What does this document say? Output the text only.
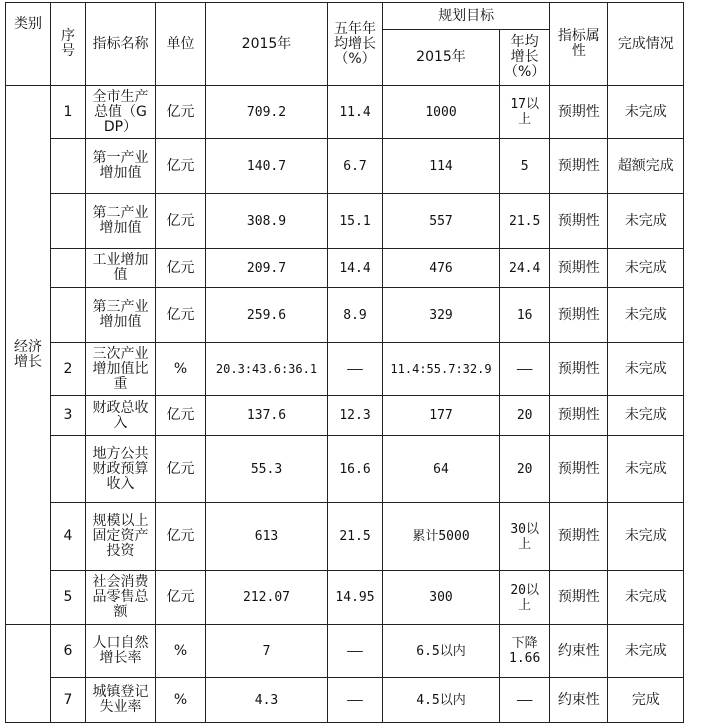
类别	序号	指标名称	单位	2015年	五年年均增长（%）	规划目标		指标属性	完成情况
						2015年	年均增长（%）		
经济增长	1	全市生产总值（GDP）	亿元	709.2	11.4	1000	17以上	预期性	未完成
		第一产业增加值	亿元	140.7	6.7	114	5	预期性	超额完成
		第二产业增加值	亿元	308.9	15.1	557	21.5	预期性	未完成
		工业增加值	亿元	209.7	14.4	476	24.4	预期性	未完成
		第三产业增加值	亿元	259.6	8.9	329	16	预期性	未完成
	2	三次产业增加值比重	%	20.3:43.6:36.1	——	11.4:55.7:32.9	——	预期性	未完成
	3	财政总收入	亿元	137.6	12.3	177	20	预期性	未完成
		地方公共财政预算收入	亿元	55.3	16.6	64	20	预期性	未完成
	4	规模以上固定资产投资	亿元	613	21.5	累计5000	30以上	预期性	未完成
	5	社会消费品零售总额	亿元	212.07	14.95	300	20以上	预期性	未完成
	6	人口自然增长率	%	7	——	6.5以内	下降1.66	约束性	未完成
	7	城镇登记失业率	%	4.3	——	4.5以内	——	约束性	完成
